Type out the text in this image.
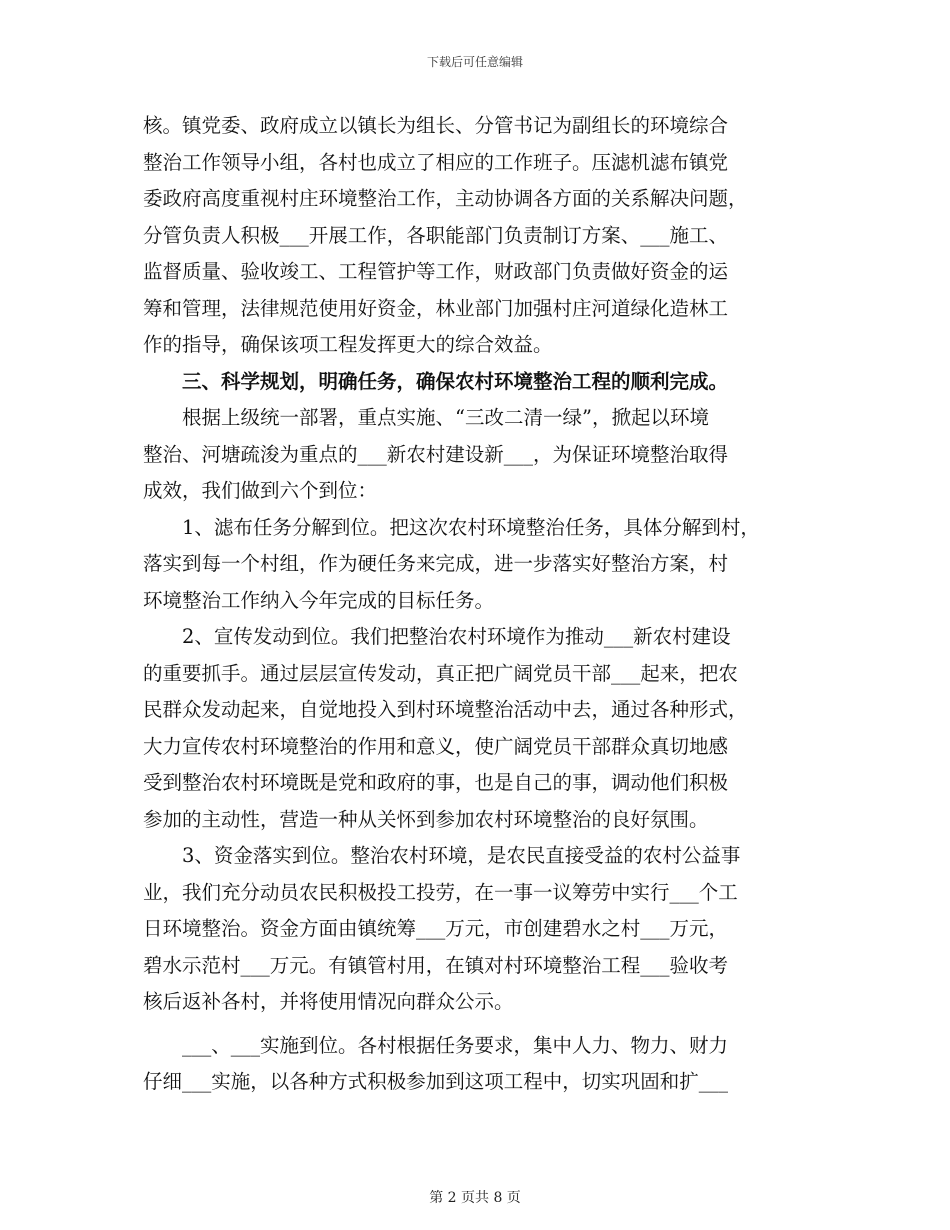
下载后可任意编辑
核。镇党委、政府成立以镇长为组长、分管书记为副组长的环境综合
整治工作领导小组，各村也成立了相应的工作班子。压滤机滤布镇党
委政府高度重视村庄环境整治工作，主动协调各方面的关系解决问题，
分管负责人积极___开展工作，各职能部门负责制订方案、___施工、
监督质量、验收竣工、工程管护等工作，财政部门负责做好资金的运
筹和管理，法律规范使用好资金，林业部门加强村庄河道绿化造林工
作的指导，确保该项工程发挥更大的综合效益。
三、科学规划，明确任务，确保农村环境整治工程的顺利完成。
根据上级统一部署，重点实施、“三改二清一绿”，掀起以环境
整治、河塘疏浚为重点的___新农村建设新___，为保证环境整治取得
成效，我们做到六个到位：
1、滤布任务分解到位。把这次农村环境整治任务，具体分解到村，
落实到每一个村组，作为硬任务来完成，进一步落实好整治方案，村
环境整治工作纳入今年完成的目标任务。
2、宣传发动到位。我们把整治农村环境作为推动___新农村建设
的重要抓手。通过层层宣传发动，真正把广阔党员干部___起来，把农
民群众发动起来，自觉地投入到村环境整治活动中去，通过各种形式，
大力宣传农村环境整治的作用和意义，使广阔党员干部群众真切地感
受到整治农村环境既是党和政府的事，也是自己的事，调动他们积极
参加的主动性，营造一种从关怀到参加农村环境整治的良好氛围。
3、资金落实到位。整治农村环境，是农民直接受益的农村公益事
业，我们充分动员农民积极投工投劳，在一事一议筹劳中实行___个工
日环境整治。资金方面由镇统筹___万元，市创建碧水之村___万元，
碧水示范村___万元。有镇管村用，在镇对村环境整治工程___验收考
核后返补各村，并将使用情况向群众公示。
___、___实施到位。各村根据任务要求，集中人力、物力、财力
仔细___实施，以各种方式积极参加到这项工程中，切实巩固和扩___
第 2 页共 8 页
